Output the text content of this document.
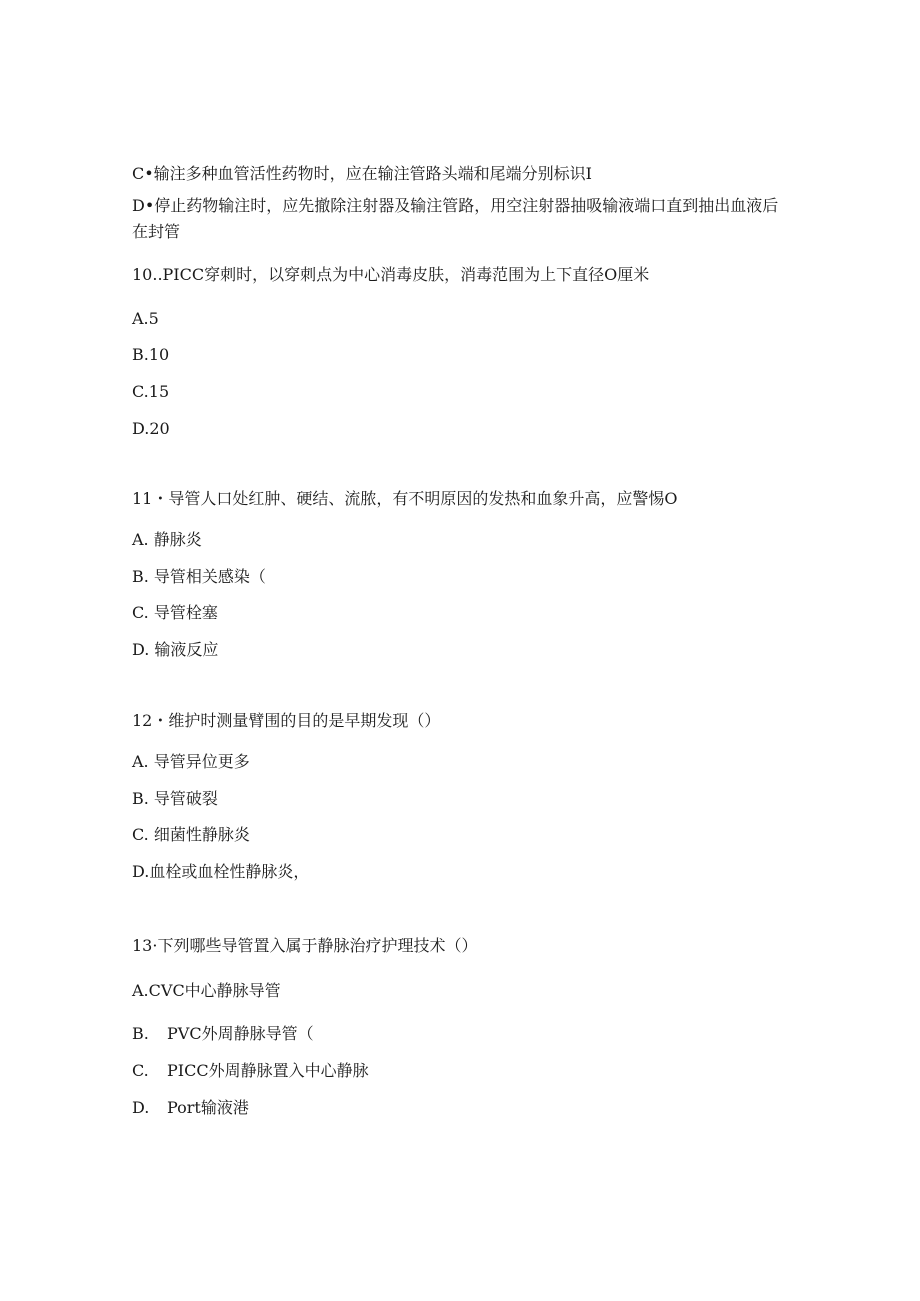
C•输注多种血管活性药物时，应在输注管路头端和尾端分别标识I
D•停止药物输注时，应先撤除注射器及输注管路，用空注射器抽吸输液端口直到抽出血液后在封管
10..PICC穿刺时，以穿刺点为中心消毒皮肤，消毒范围为上下直径O厘米
A.5
B.10
C.15
D.20
11・导管人口处红肿、硬结、流脓，有不明原因的发热和血象升高，应警惕O
A. 静脉炎
B. 导管相关感染（
C. 导管栓塞
D. 输液反应
12・维护时测量臂围的目的是早期发现（）
A. 导管异位更多
B. 导管破裂
C. 细菌性静脉炎
D.血栓或血栓性静脉炎，
13·下列哪些导管置入属于静脉治疗护理技术（）
A.CVC中心静脉导管
B. PVC外周静脉导管（
C. PICC外周静脉置入中心静脉
D. Port输液港
